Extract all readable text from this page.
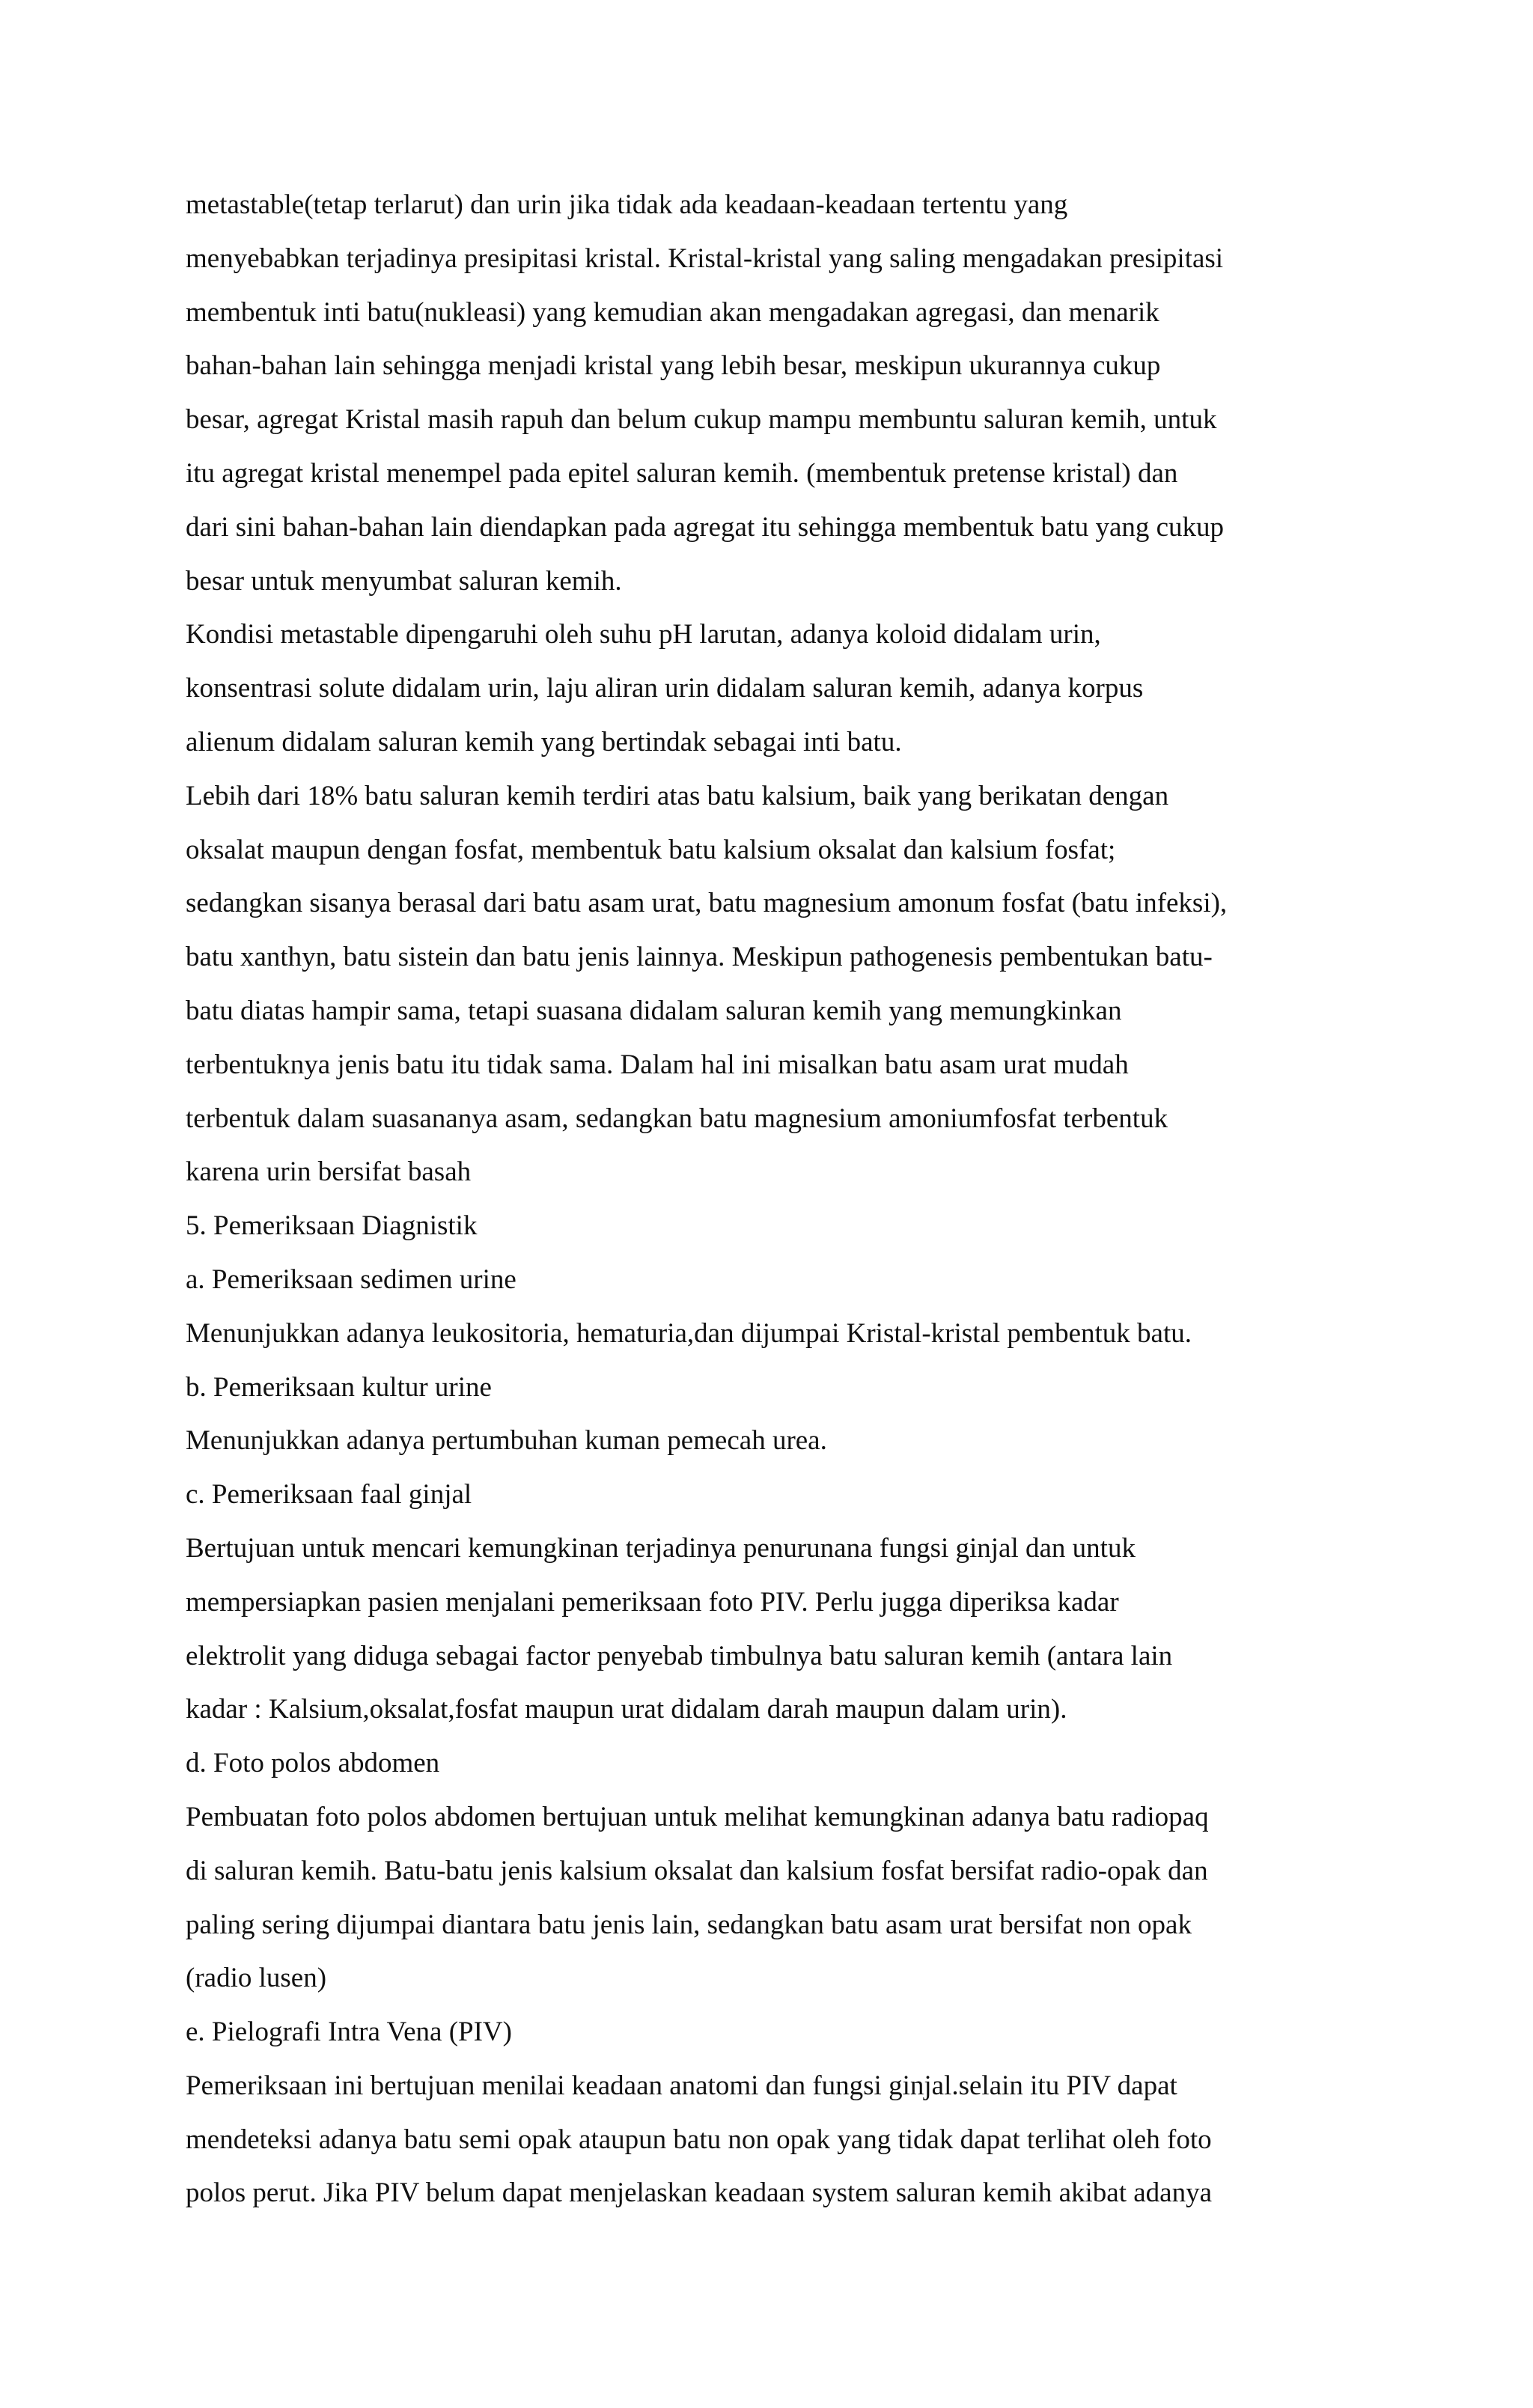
metastable(tetap terlarut) dan urin jika tidak ada keadaan-keadaan tertentu yang
menyebabkan terjadinya presipitasi kristal. Kristal-kristal yang saling mengadakan presipitasi
membentuk inti batu(nukleasi) yang kemudian akan mengadakan agregasi, dan menarik
bahan-bahan lain sehingga menjadi kristal yang lebih besar, meskipun ukurannya cukup
besar, agregat Kristal masih rapuh dan belum cukup mampu membuntu saluran kemih, untuk
itu agregat kristal menempel pada epitel saluran kemih. (membentuk pretense kristal) dan
dari sini bahan-bahan lain diendapkan pada agregat itu sehingga membentuk batu yang cukup
besar untuk menyumbat saluran kemih.
Kondisi metastable dipengaruhi oleh suhu pH larutan, adanya koloid didalam urin,
konsentrasi solute didalam urin, laju aliran urin didalam saluran kemih, adanya korpus
alienum didalam saluran kemih yang bertindak sebagai inti batu.
Lebih dari 18% batu saluran kemih terdiri atas batu kalsium, baik yang berikatan dengan
oksalat maupun dengan fosfat, membentuk batu kalsium oksalat dan kalsium fosfat;
sedangkan sisanya berasal dari batu asam urat, batu magnesium amonum fosfat (batu infeksi),
batu xanthyn, batu sistein dan batu jenis lainnya. Meskipun pathogenesis pembentukan batu-
batu diatas hampir sama, tetapi suasana didalam saluran kemih yang memungkinkan
terbentuknya jenis batu itu tidak sama. Dalam hal ini misalkan batu asam urat mudah
terbentuk dalam suasananya asam, sedangkan batu magnesium amoniumfosfat terbentuk
karena urin bersifat basah
5. Pemeriksaan Diagnistik
a. Pemeriksaan sedimen urine
Menunjukkan adanya leukositoria, hematuria,dan dijumpai Kristal-kristal pembentuk batu.
b. Pemeriksaan kultur urine
Menunjukkan adanya pertumbuhan kuman pemecah urea.
c. Pemeriksaan faal ginjal
Bertujuan untuk mencari kemungkinan terjadinya penurunana fungsi ginjal dan untuk
mempersiapkan pasien menjalani pemeriksaan foto PIV. Perlu jugga diperiksa kadar
elektrolit yang diduga sebagai factor penyebab timbulnya batu saluran kemih (antara lain
kadar : Kalsium,oksalat,fosfat maupun urat didalam darah maupun dalam urin).
d. Foto polos abdomen
Pembuatan foto polos abdomen bertujuan untuk melihat kemungkinan adanya batu radiopaq
di saluran kemih. Batu-batu jenis kalsium oksalat dan kalsium fosfat bersifat radio-opak dan
paling sering dijumpai diantara batu jenis lain, sedangkan batu asam urat bersifat non opak
(radio lusen)
e. Pielografi Intra Vena (PIV)
Pemeriksaan ini bertujuan menilai keadaan anatomi dan fungsi ginjal.selain itu PIV dapat
mendeteksi adanya batu semi opak ataupun batu non opak yang tidak dapat terlihat oleh foto
polos perut. Jika PIV belum dapat menjelaskan keadaan system saluran kemih akibat adanya
